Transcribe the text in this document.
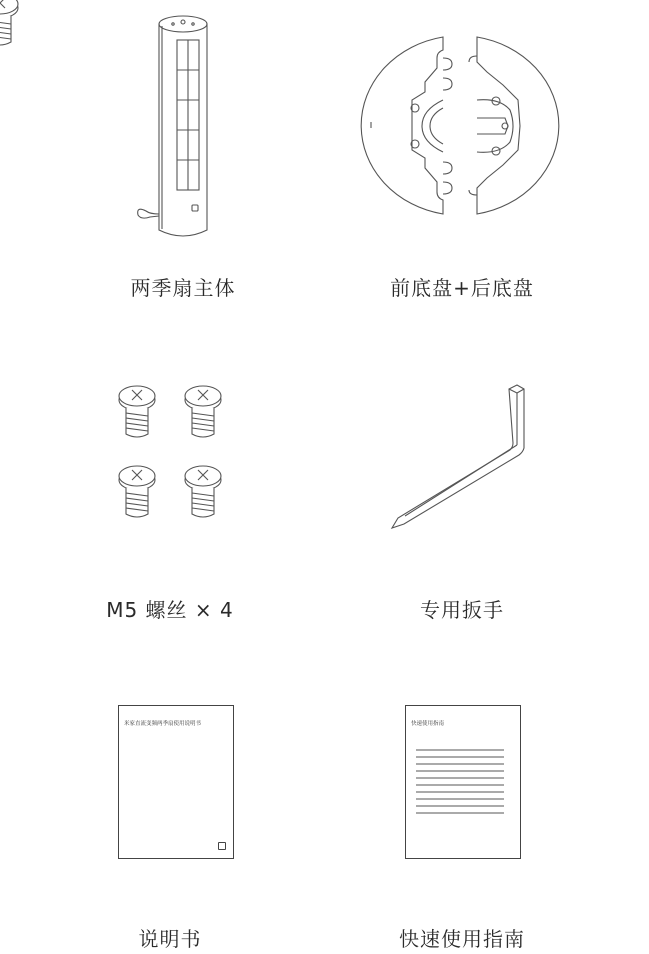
两季扇主体	前底盘+后底盘
M5 螺丝 × 4	专用扳手
米家直流变频两季扇使用说明书
说明书
快速使用指南
快速使用指南
